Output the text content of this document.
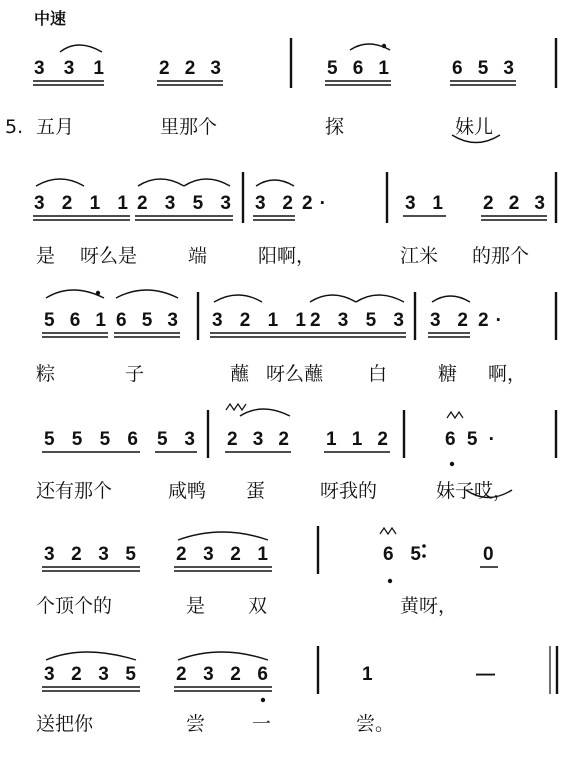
中速
5.
3 3 1	2 2 3	5 6 1	6 5 3
五月	里那个	探	妹儿
3 2 1 1 2 3 5 3 3 2 2 ·	3 1 2 2 3
是 呀么是	端	阳啊，	江米 的那个
5 6 1 6 5 3 3 2 1 1 2 3 5 3 3 2 2 ·
粽	子	蘸 呀么蘸 白	糖 啊，
5 5 5 6 5 3 2 3 2 1 1 2	6 5 ·
还有那个	咸鸭 蛋	呀我的	妹子哎，
3 2 3 5 2 3 2 1	6 5	0
个顶个的	是 双	黄呀，
3 2 3 5 2 3 2 6	1	—
送把你	尝 一	尝。
